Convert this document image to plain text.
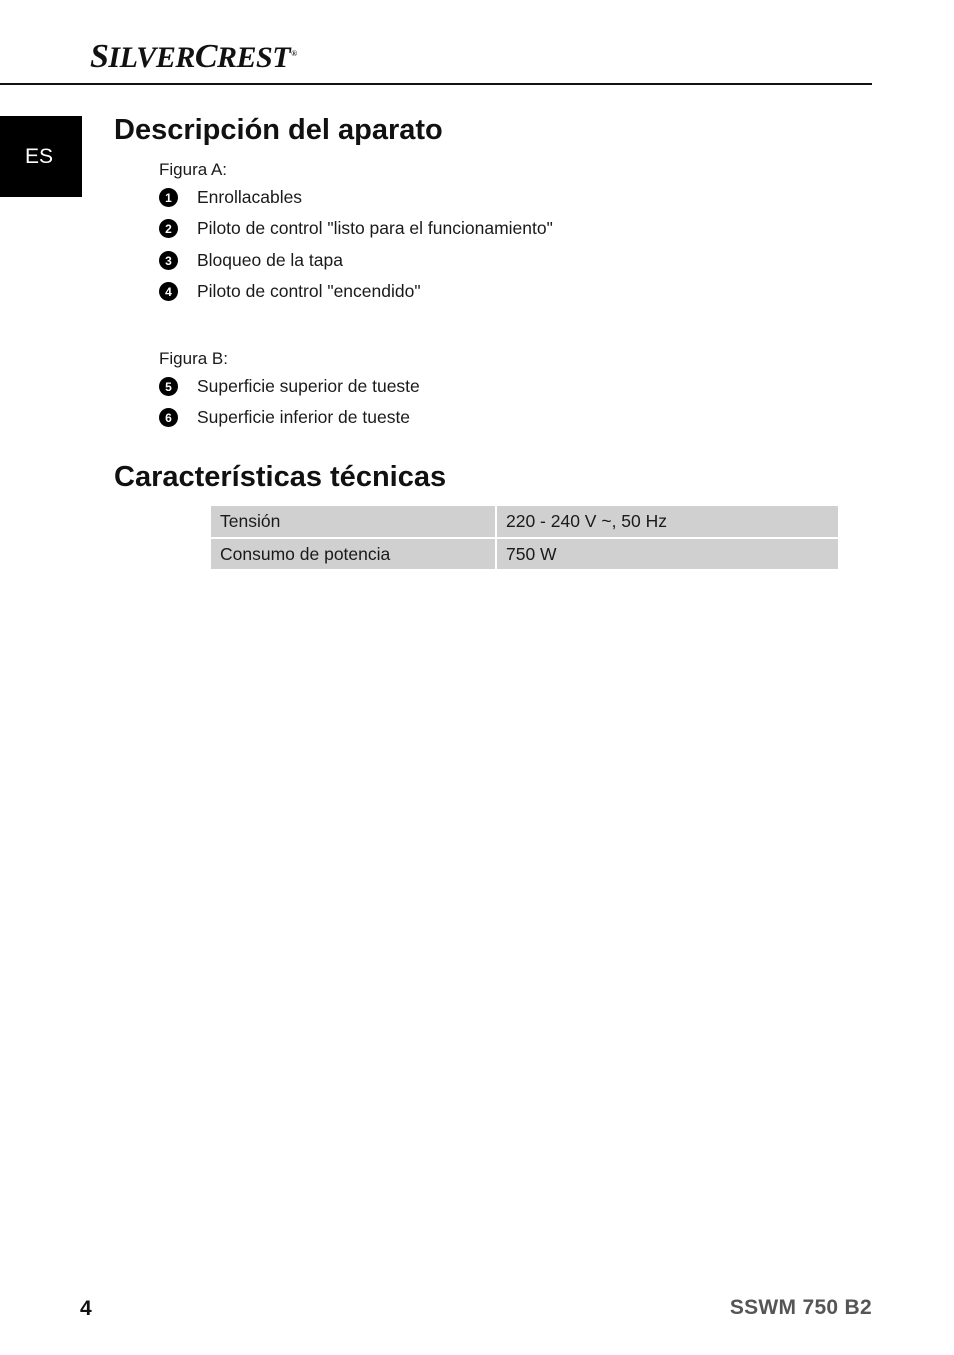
SILVERCREST®
ES
Descripción del aparato
Figura A:
1	Enrollacables
2	Piloto de control "listo para el funcionamiento"
3	Bloqueo de la tapa
4	Piloto de control "encendido"
Figura B:
5	Superficie superior de tueste
6	Superficie inferior de tueste
Características técnicas
Tensión	220 - 240 V ~, 50 Hz
Consumo de potencia	750 W
4	SSWM 750 B2
